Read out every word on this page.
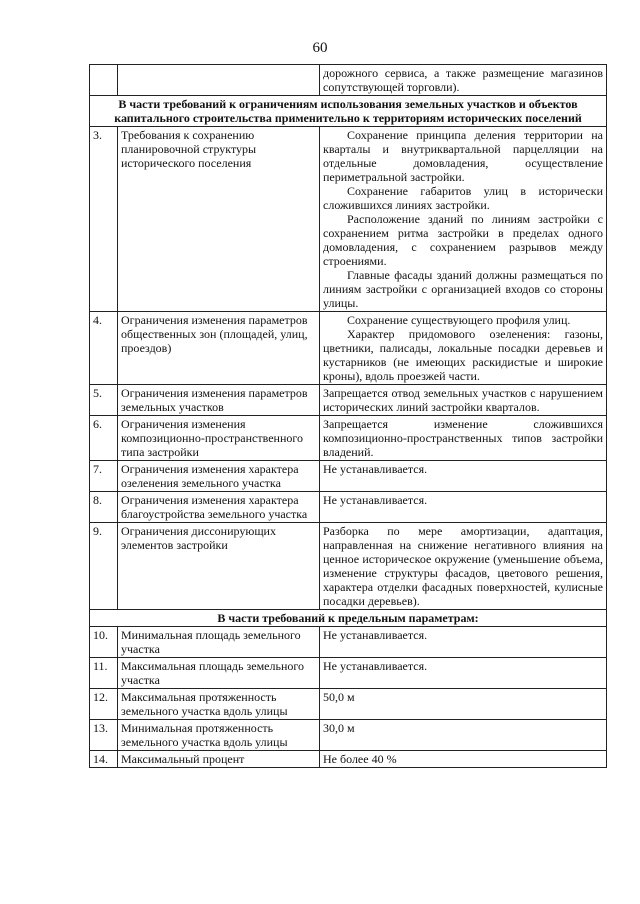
60

		дорожного сервиса, а также размещение магазинов сопутствующей торговли).

В части требований к ограничениям использования земельных участков и объектов капитального строительства применительно к территориям исторических поселений		
3.	Требования к сохранению планировочной структуры исторического поселения	Сохранение принципа деления территории на кварталы и внутриквартальной парцелляции на отдельные домовладения, осуществление периметральной застройки.

Сохранение габаритов улиц в исторически сложившихся линиях застройки.

Расположение зданий по линиям застройки с сохранением ритма застройки в пределах одного домовладения, с сохранением разрывов между строениями.

Главные фасады зданий должны размещаться по линиям застройки с организацией входов со стороны улицы.

4.	Ограничения изменения параметров общественных зон (площадей, улиц, проездов)	Сохранение существующего профиля улиц.

Характер придомового озеленения: газоны, цветники, палисады, локальные посадки деревьев и кустарников (не имеющих раскидистые и широкие кроны), вдоль проезжей части.

5.	Ограничения изменения параметров земельных участков	Запрещается отвод земельных участков с нарушением исторических линий застройки кварталов.

6.	Ограничения изменения композиционно-пространственного типа застройки	Запрещается изменение сложившихся композиционно-пространственных типов застройки владений.

7.	Ограничения изменения характера озеленения земельного участка	Не устанавливается.

8.	Ограничения изменения характера благоустройства земельного участка	Не устанавливается.

9.	Ограничения диссонирующих элементов застройки	Разборка по мере амортизации, адаптация, направленная на снижение негативного влияния на ценное историческое окружение (уменьшение объема, изменение структуры фасадов, цветового решения, характера отделки фасадных поверхностей, кулисные посадки деревьев).

В части требований к предельным параметрам:		
10.	Минимальная площадь земельного участка	Не устанавливается.

11.	Максимальная площадь земельного участка	Не устанавливается.

12.	Максимальная протяженность земельного участка вдоль улицы	50,0 м

13.	Минимальная протяженность земельного участка вдоль улицы	30,0 м

14.	Максимальный процент	Не более 40 %
